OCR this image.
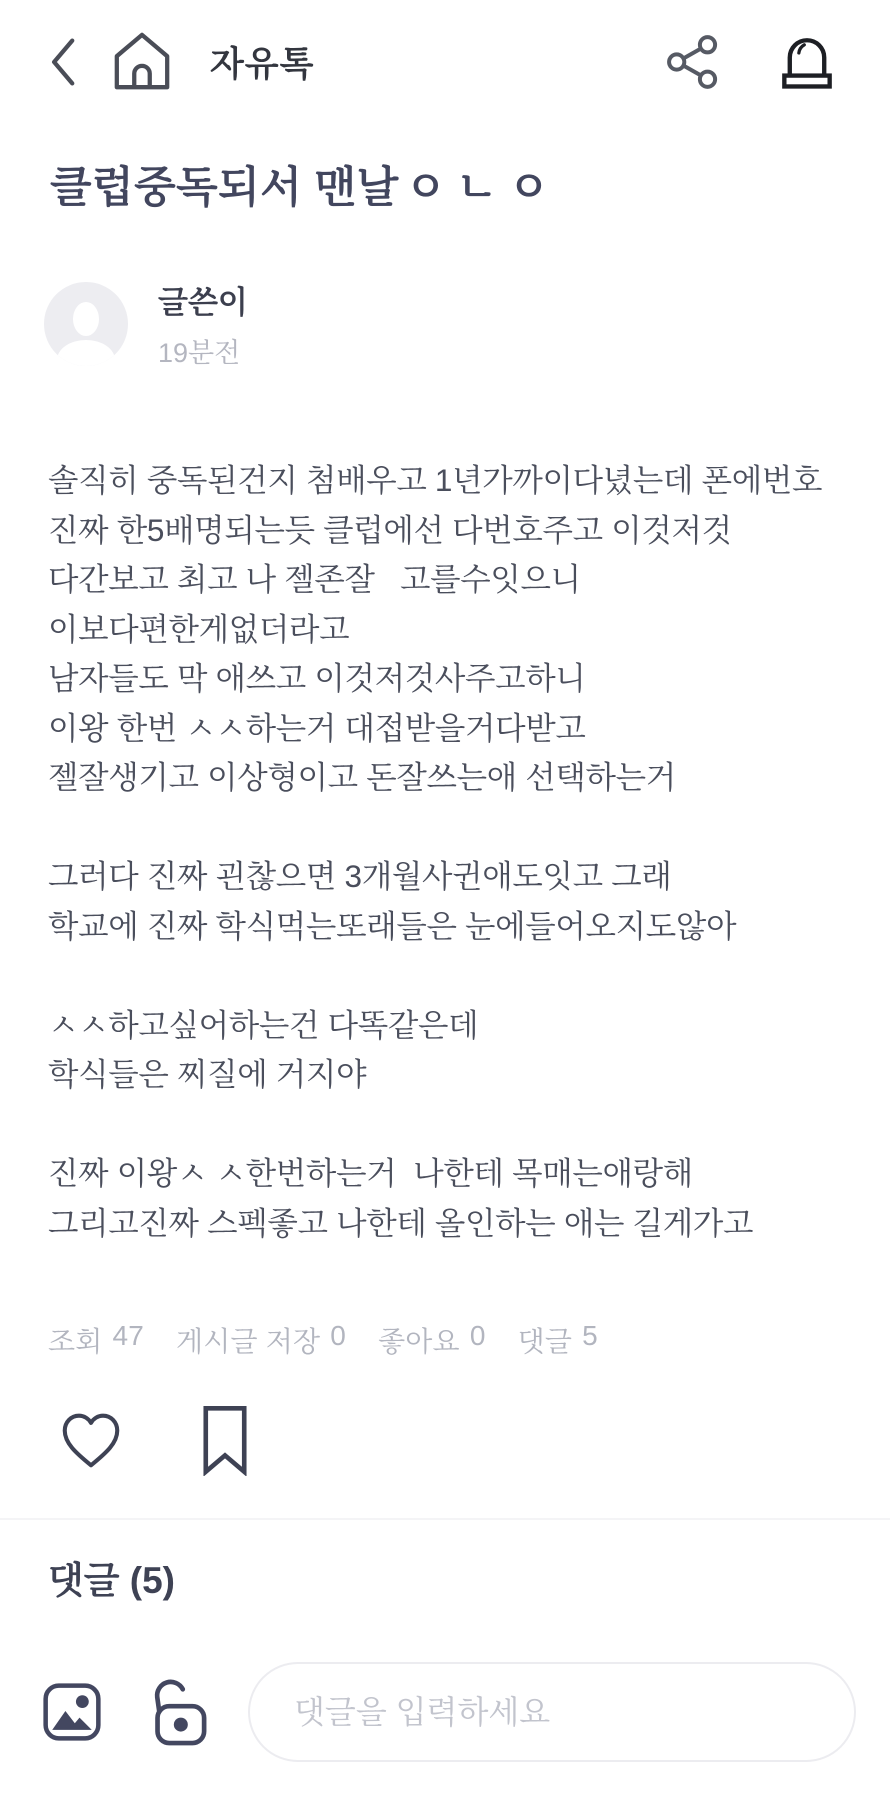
자유톡
클럽중독되서 맨날 ㅇㄴㅇ
글쓴이
19분전
솔직히 중독된건지 첨배우고 1년가까이다녔는데 폰에번호
진짜 한5배명되는듯 클럽에선 다번호주고 이것저것
다간보고 최고 나 젤존잘   고를수잇으니
이보다편한게없더라고
남자들도 막 애쓰고 이것저것사주고하니
이왕 한번 ㅅㅅ하는거 대접받을거다받고
젤잘생기고 이상형이고 돈잘쓰는애 선택하는거
그러다 진짜 괸찮으면 3개월사귄애도잇고 그래
학교에 진짜 학식먹는또래들은 눈에들어오지도않아
ㅅㅅ하고싶어하는건 다똑같은데
학식들은 찌질에 거지야
진짜 이왕ㅅ ㅅ한번하는거  나한테 목매는애랑해
그리고진짜 스펙좋고 나한테 올인하는 애는 길게가고
조회 47 게시글 저장 0 좋아요 0 댓글 5
댓글 (5)
댓글을 입력하세요
